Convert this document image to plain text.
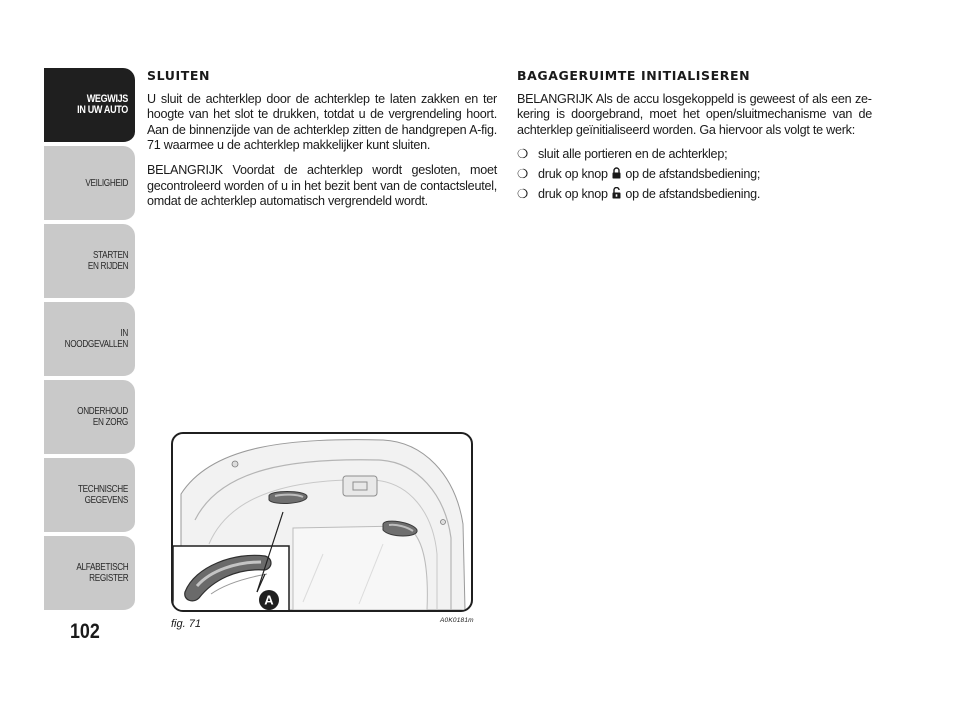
WEGWIJS
IN UW AUTO
VEILIGHEID
STARTEN
EN RIJDEN
IN NOODGEVALLEN
ONDERHOUD
EN ZORG
TECHNISCHE
GEGEVENS
ALFABETISCH
REGISTER
102
SLUITEN

U sluit de achterklep door de achterklep te laten zakken en ter hoogte van het slot te drukken, totdat u de vergrendeling hoort. Aan de binnenzijde van de achterklep zitten de handgrepen A-fig. 71 waarmee u de achterklep makkelijker kunt sluiten.

BELANGRIJK Voordat de achterklep wordt gesloten, moet gecontroleerd worden of u in het bezit bent van de contactsleutel, omdat de achterklep automatisch vergrendeld wordt.

BAGAGERUIMTE INITIALISEREN

BELANGRIJK Als de accu losgekoppeld is geweest of als een zekering is doorgebrand, moet het open/sluitmechanisme van de achterklep geïnitialiseerd worden. Ga hiervoor als volgt te werk:

❍ sluit alle portieren en de achterklep;
❍ druk op knop op de afstandsbediening;
❍ druk op knop op de afstandsbediening.
A
fig. 71	A0K0181m
